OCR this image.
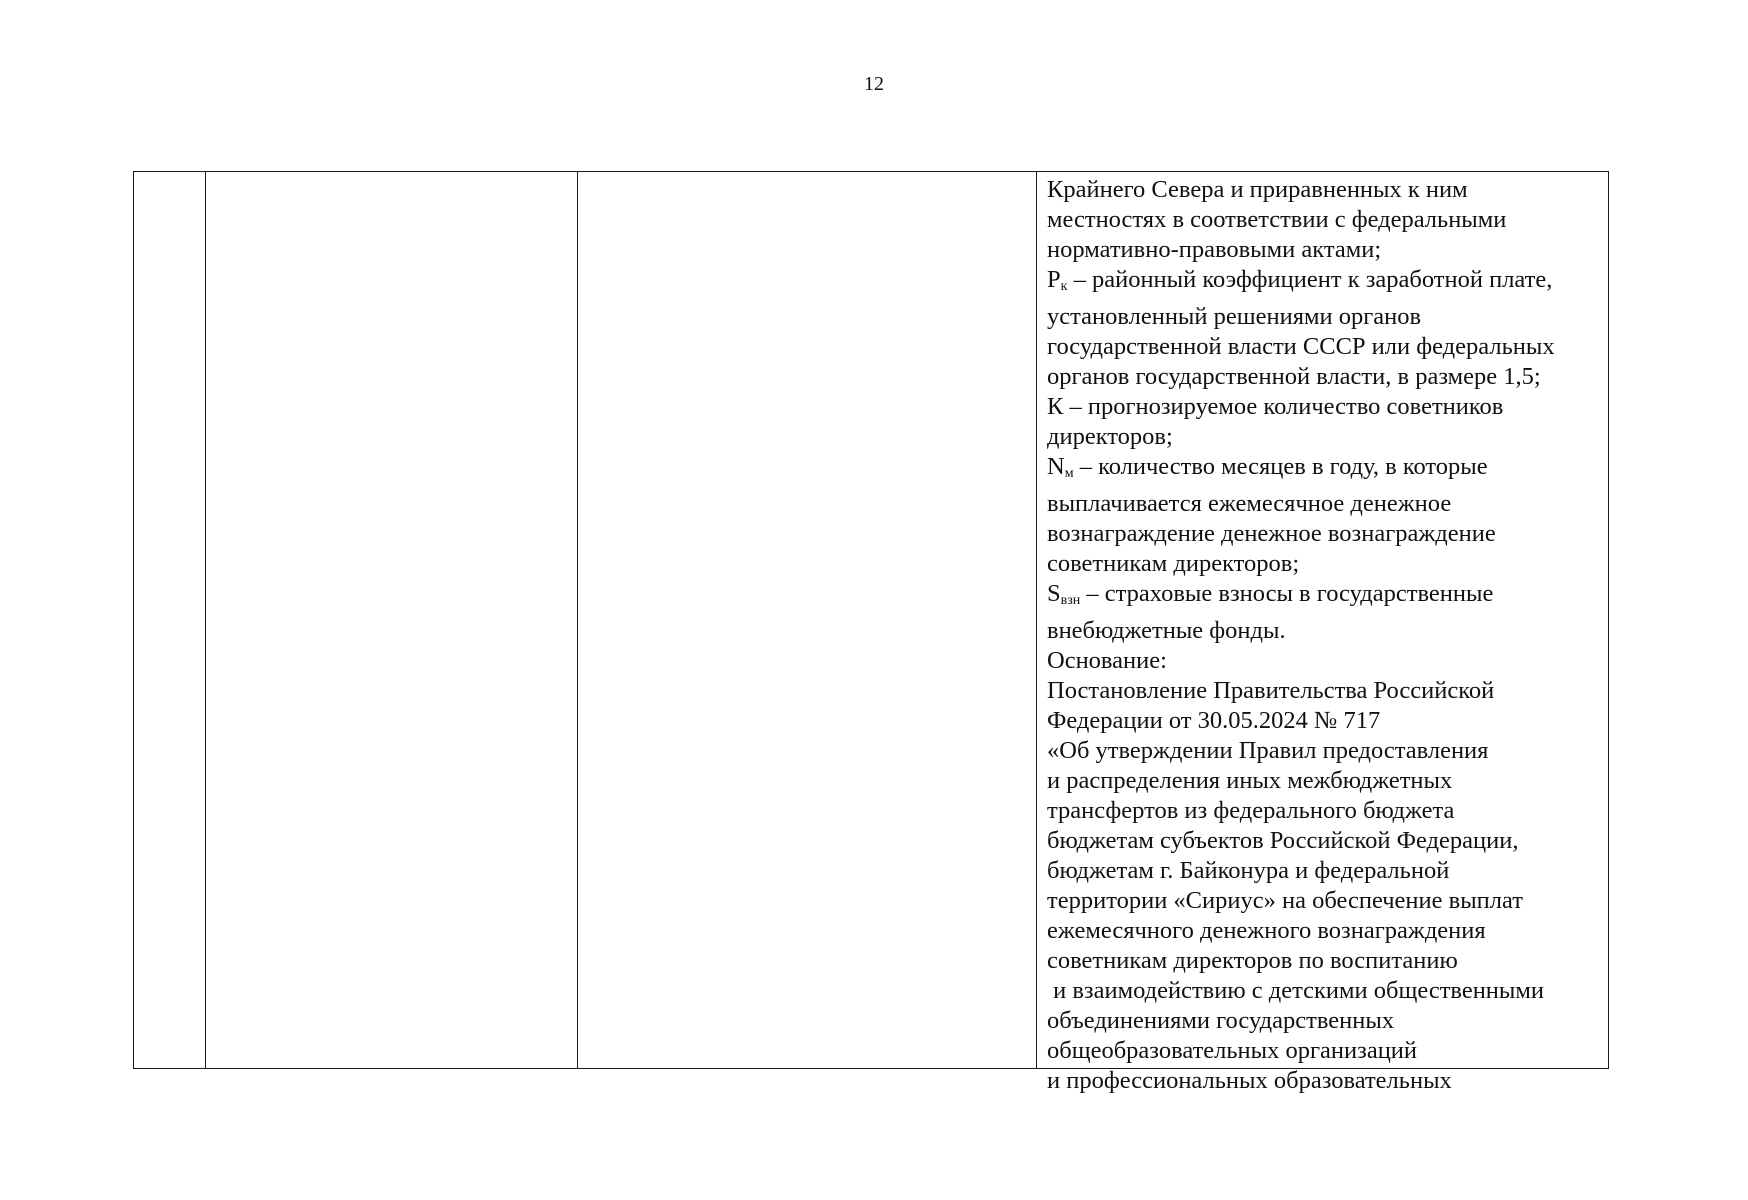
12

Крайнего Севера и приравненных к ним
местностях в соответствии с федеральными
нормативно-правовыми актами;
$Р_к$ – районный коэффициент к заработной плате,
установленный решениями органов
государственной власти СССР или федеральных
органов государственной власти, в размере 1,5;
К – прогнозируемое количество советников
директоров;
$N_м$ – количество месяцев в году, в которые
выплачивается ежемесячное денежное
вознаграждение денежное вознаграждение
советникам директоров;
$S_{взн}$ – страховые взносы в государственные
внебюджетные фонды.
Основание:
Постановление Правительства Российской
Федерации от 30.05.2024 № 717
«Об утверждении Правил предоставления
и распределения иных межбюджетных
трансфертов из федерального бюджета
бюджетам субъектов Российской Федерации,
бюджетам г. Байконура и федеральной
территории «Сириус» на обеспечение выплат
ежемесячного денежного вознаграждения
советникам директоров по воспитанию
и взаимодействию с детскими общественными
объединениями государственных
общеобразовательных организаций
и профессиональных образовательных
